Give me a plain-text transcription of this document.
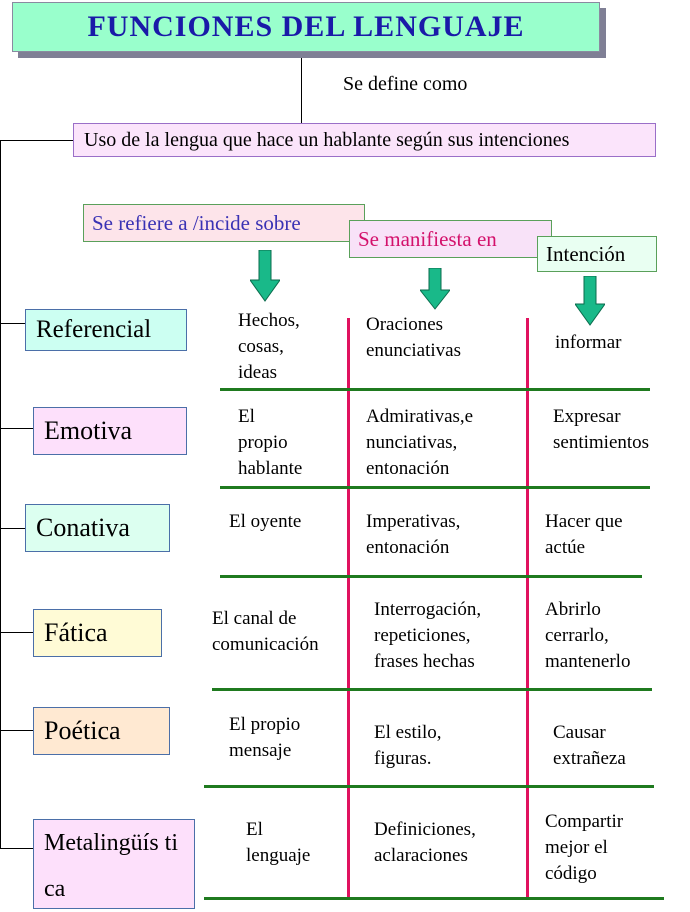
FUNCIONES DEL LENGUAJE
Se define como
Uso de la lengua que hace un hablante según sus intenciones
Se refiere a /incide sobre
Se manifiesta en
Intención
Referencial
Emotiva
Conativa
Fática
Poética
Metalingüís tica
Hechos,
cosas,
ideas
Oraciones
enunciativas	informar
El
propio
hablante
Admirativas,e
nunciativas,
entonación
Expresar
sentimientos
El oyente	Imperativas,
entonación
Hacer que
actúe
El canal de
comunicación
Interrogación,
repeticiones,
frases hechas
Abrirlo
cerrarlo,
mantenerlo
El propio
mensaje
El estilo,
figuras.
Causar
extrañeza
El
lenguaje
Definiciones,
aclaraciones
Compartir
mejor el
código
